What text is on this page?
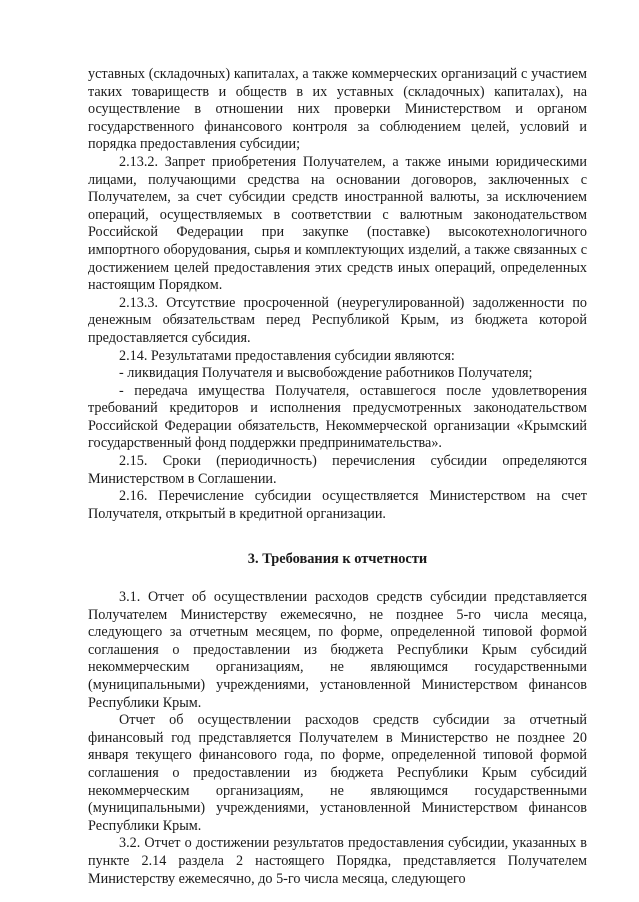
уставных (складочных) капиталах, а также коммерческих организаций с участием таких товариществ и обществ в их уставных (складочных) капиталах), на осуществление в отношении них проверки Министерством и органом государственного финансового контроля за соблюдением целей, условий и порядка предоставления субсидии;

2.13.2. Запрет приобретения Получателем, а также иными юридическими лицами, получающими средства на основании договоров, заключенных с Получателем, за счет субсидии средств иностранной валюты, за исключением операций, осуществляемых в соответствии с валютным законодательством Российской Федерации при закупке (поставке) высокотехнологичного импортного оборудования, сырья и комплектующих изделий, а также связанных с достижением целей предоставления этих средств иных операций, определенных настоящим Порядком.

2.13.3. Отсутствие просроченной (неурегулированной) задолженности по денежным обязательствам перед Республикой Крым, из бюджета которой предоставляется субсидия.

2.14. Результатами предоставления субсидии являются:

- ликвидация Получателя и высвобождение работников Получателя;

- передача имущества Получателя, оставшегося после удовлетворения требований кредиторов и исполнения предусмотренных законодательством Российской Федерации обязательств, Некоммерческой организации «Крымский государственный фонд поддержки предпринимательства».

2.15. Сроки (периодичность) перечисления субсидии определяются Министерством в Соглашении.

2.16. Перечисление субсидии осуществляется Министерством на счет Получателя, открытый в кредитной организации.

3. Требования к отчетности

3.1. Отчет об осуществлении расходов средств субсидии представляется Получателем Министерству ежемесячно, не позднее 5-го числа месяца, следующего за отчетным месяцем, по форме, определенной типовой формой соглашения о предоставлении из бюджета Республики Крым субсидий некоммерческим организациям, не являющимся государственными (муниципальными) учреждениями, установленной Министерством финансов Республики Крым.

Отчет об осуществлении расходов средств субсидии за отчетный финансовый год представляется Получателем в Министерство не позднее 20 января текущего финансового года, по форме, определенной типовой формой соглашения о предоставлении из бюджета Республики Крым субсидий некоммерческим организациям, не являющимся государственными (муниципальными) учреждениями, установленной Министерством финансов Республики Крым.

3.2. Отчет о достижении результатов предоставления субсидии, указанных в пункте 2.14 раздела 2 настоящего Порядка, представляется Получателем Министерству ежемесячно, до 5-го числа месяца, следующего
